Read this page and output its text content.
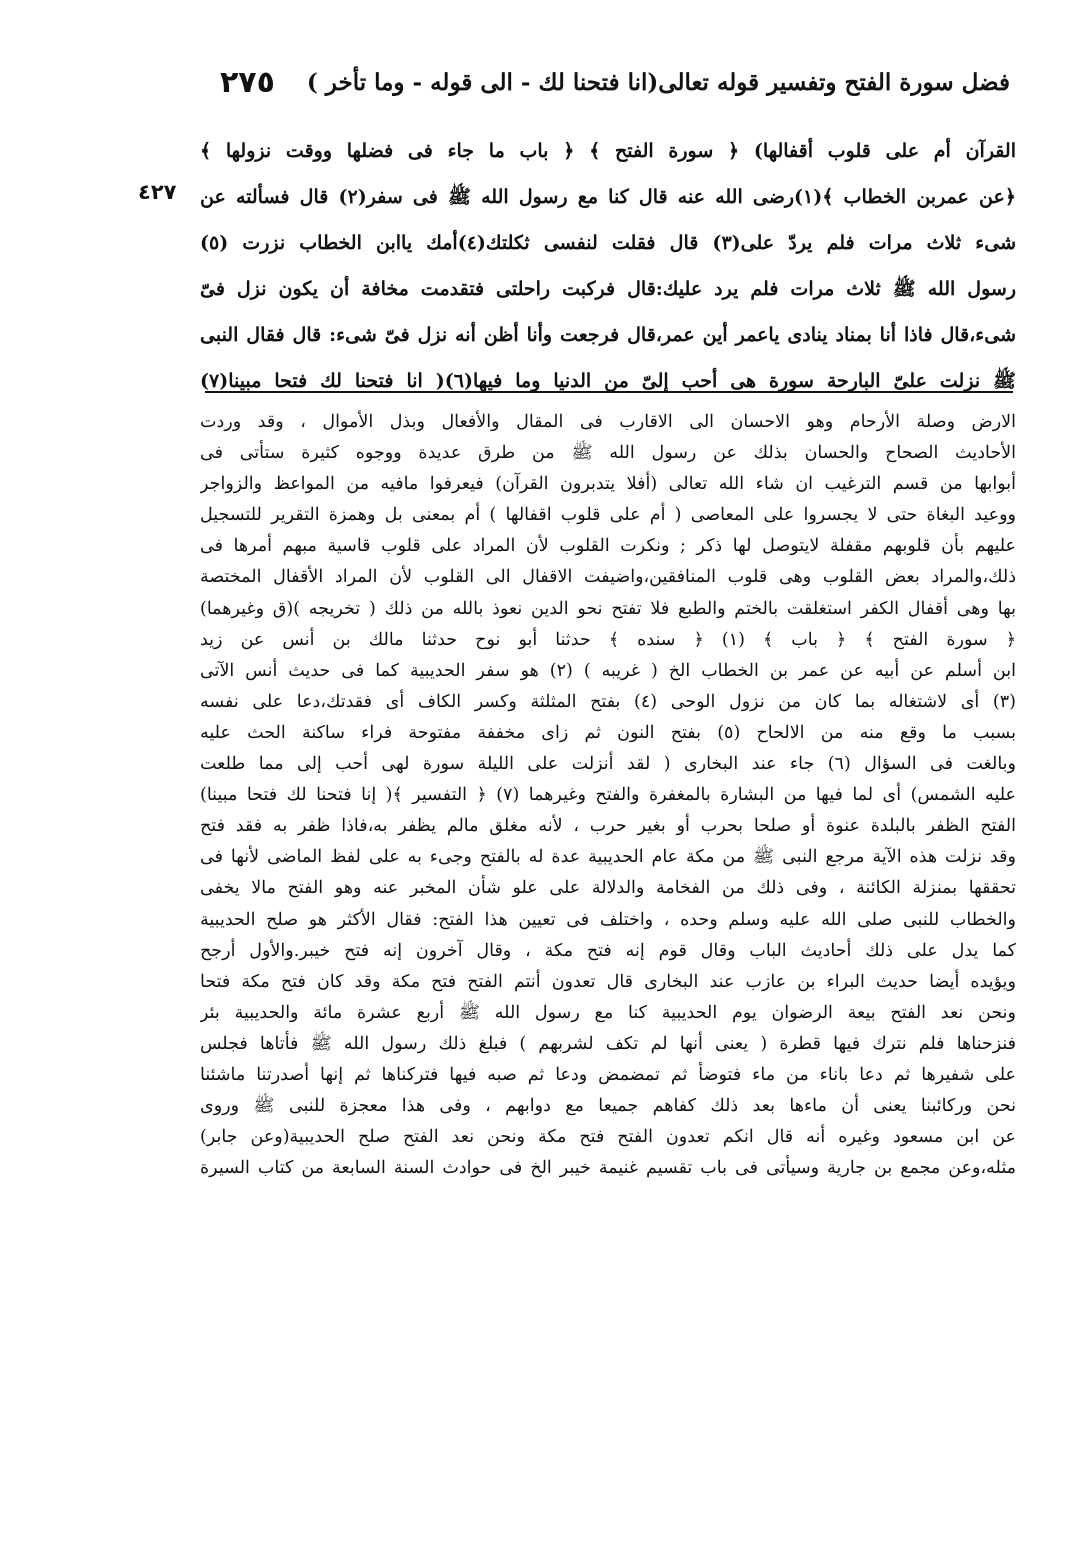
فضل سورة الفتح وتفسير قوله تعالى(انا فتحنا لك - الى قوله - وما تأخر )
٢٧٥
٤٢٧
القرآن أم على قلوب أقفالها) ﴿ سورة الفتح ﴾ ﴿ باب ما جاء فى فضلها ووقت نزولها ﴾
﴿عن عمربن الخطاب ﴾(١)رضى الله عنه قال كنا مع رسول الله ﷺ فى سفر(٢) قال فسألته عن
شىء ثلاث مرات فلم يردّ على(٣) قال فقلت لنفسى ثكلتك(٤)أمك ياابن الخطاب نزرت (٥)
رسول الله ﷺ ثلاث مرات فلم يرد عليك:قال فركبت راحلتى فتقدمت مخافة أن يكون نزل فىّ
شىء،قال فاذا أنا بمناد ينادى ياعمر أين عمر،قال فرجعت وأنا أظن أنه نزل فىّ شىء: قال فقال النبى
ﷺ نزلت علىّ البارحة سورة هى أحب إلىّ من الدنيا وما فيها(٦)( انا فتحنا لك فتحا مبينا(٧)
الارض وصلة الأرحام وهو الاحسان الى الاقارب فى المقال والأفعال وبذل الأموال ، وقد وردت
الأحاديث الصحاح والحسان بذلك عن رسول الله ﷺ من طرق عديدة ووجوه كثيرة ستأتى فى
أبوابها من قسم الترغيب ان شاء الله تعالى (أفلا يتدبرون القرآن) فيعرفوا مافيه من المواعظ والزواجر
ووعيد البغاة حتى لا يجسروا على المعاصى ( أم على قلوب اقفالها ) أم بمعنى بل وهمزة التقرير للتسجيل
عليهم بأن قلوبهم مقفلة لايتوصل لها ذكر ; ونكرت القلوب لأن المراد على قلوب قاسية مبهم أمرها فى
ذلك،والمراد بعض القلوب وهى قلوب المنافقين،واضيفت الاقفال الى القلوب لأن المراد الأقفال المختصة
بها وهى أقفال الكفر استغلقت بالختم والطبع فلا تفتح نحو الدين نعوذ بالله من ذلك ( تخريجه )(ق وغيرهما)
﴿ سورة الفتح ﴾ ﴿ باب ﴾ (١) ﴿ سنده ﴾ حدثنا أبو نوح حدثنا مالك بن أنس عن زيد
ابن أسلم عن أبيه عن عمر بن الخطاب الخ ( غريبه ) (٢) هو سفر الحديبية كما فى حديث أنس الآتى
(٣) أى لاشتغاله بما كان من نزول الوحى (٤) بفتح المثلثة وكسر الكاف أى فقدتك،دعا على نفسه
بسبب ما وقع منه من الالحاح (٥) بفتح النون ثم زاى مخففة مفتوحة فراء ساكنة الحث عليه
وبالغت فى السؤال (٦) جاء عند البخارى ( لقد أنزلت على الليلة سورة لهى أحب إلى مما طلعت
عليه الشمس) أى لما فيها من البشارة بالمغفرة والفتح وغيرهما (٧) ﴿ التفسير ﴾( إنا فتحنا لك فتحا مبينا)
الفتح الظفر بالبلدة عنوة أو صلحا بحرب أو بغير حرب ، لأنه مغلق مالم يظفر به،فاذا ظفر به فقد فتح
وقد نزلت هذه الآية مرجع النبى ﷺ من مكة عام الحديبية عدة له بالفتح وجىء به على لفظ الماضى لأنها فى
تحققها بمنزلة الكائنة ، وفى ذلك من الفخامة والدلالة على علو شأن المخبر عنه وهو الفتح مالا يخفى
والخطاب للنبى صلى الله عليه وسلم وحده ، واختلف فى تعيين هذا الفتح: فقال الأكثر هو صلح الحديبية
كما يدل على ذلك أحاديث الباب وقال قوم إنه فتح مكة ، وقال آخرون إنه فتح خيبر.والأول أرجح
ويؤيده أيضا حديث البراء بن عازب عند البخارى قال تعدون أنتم الفتح فتح مكة وقد كان فتح مكة فتحا
ونحن نعد الفتح بيعة الرضوان يوم الحديبية كنا مع رسول الله ﷺ أربع عشرة مائة والحديبية بئر
فنزحناها فلم نترك فيها قطرة ( يعنى أنها لم تكف لشربهم ) فبلغ ذلك رسول الله ﷺ فأتاها فجلس
على شفيرها ثم دعا باناء من ماء فتوضأ ثم تمضمض ودعا ثم صبه فيها فتركناها ثم إنها أصدرتنا ماشئنا
نحن وركائبنا يعنى أن ماءها بعد ذلك كفاهم جميعا مع دوابهم ، وفى هذا معجزة للنبى ﷺ وروى
عن ابن مسعود وغيره أنه قال انكم تعدون الفتح فتح مكة ونحن نعد الفتح صلح الحديبية(وعن جابر)
مثله،وعن مجمع بن جارية وسيأتى فى باب تقسيم غنيمة خيبر الخ فى حوادث السنة السابعة من كتاب السيرة
